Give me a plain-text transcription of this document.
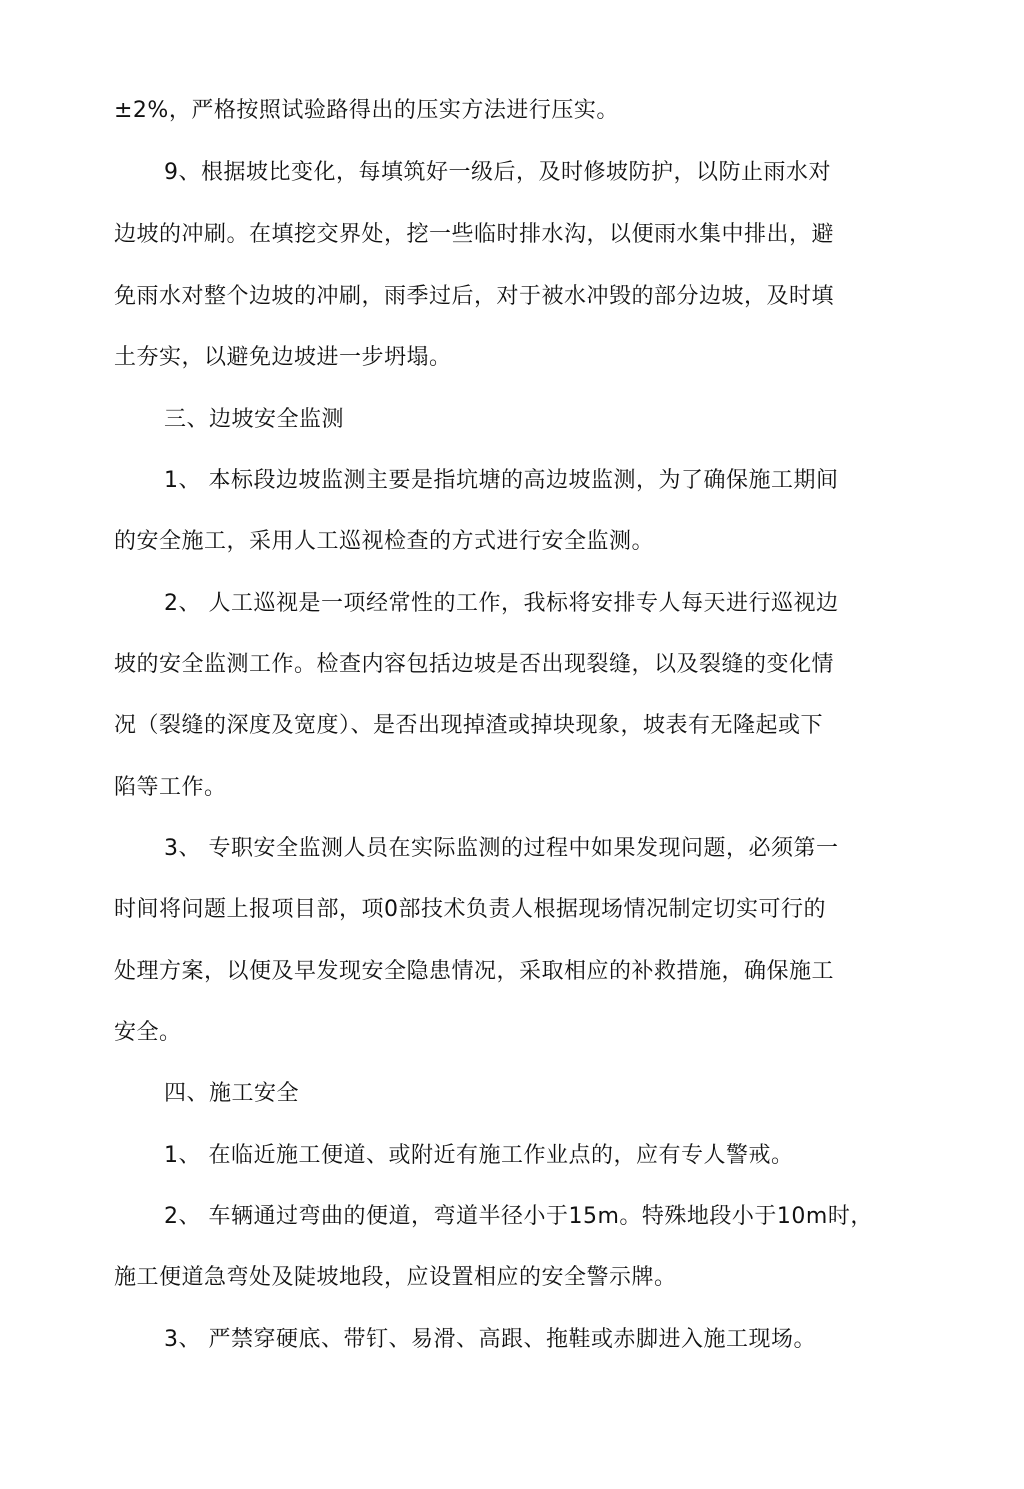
±2%，严格按照试验路得出的压实方法进行压实。
9、根据坡比变化，每填筑好一级后，及时修坡防护，以防止雨水对
边坡的冲刷。在填挖交界处，挖一些临时排水沟，以便雨水集中排出，避
免雨水对整个边坡的冲刷，雨季过后，对于被水冲毁的部分边坡，及时填
土夯实，以避免边坡进一步坍塌。
三、边坡安全监测
1、 本标段边坡监测主要是指坑塘的高边坡监测，为了确保施工期间
的安全施工，采用人工巡视检查的方式进行安全监测。
2、 人工巡视是一项经常性的工作，我标将安排专人每天进行巡视边
坡的安全监测工作。检查内容包括边坡是否出现裂缝，以及裂缝的变化情
况（裂缝的深度及宽度）、是否出现掉渣或掉块现象，坡表有无隆起或下
陷等工作。
3、 专职安全监测人员在实际监测的过程中如果发现问题，必须第一
时间将问题上报项目部，项0部技术负责人根据现场情况制定切实可行的
处理方案，以便及早发现安全隐患情况，采取相应的补救措施，确保施工
安全。
四、施工安全
1、 在临近施工便道、或附近有施工作业点的，应有专人警戒。
2、 车辆通过弯曲的便道，弯道半径小于15m。特殊地段小于10m时，
施工便道急弯处及陡坡地段，应设置相应的安全警示牌。
3、 严禁穿硬底、带钉、易滑、高跟、拖鞋或赤脚进入施工现场。
